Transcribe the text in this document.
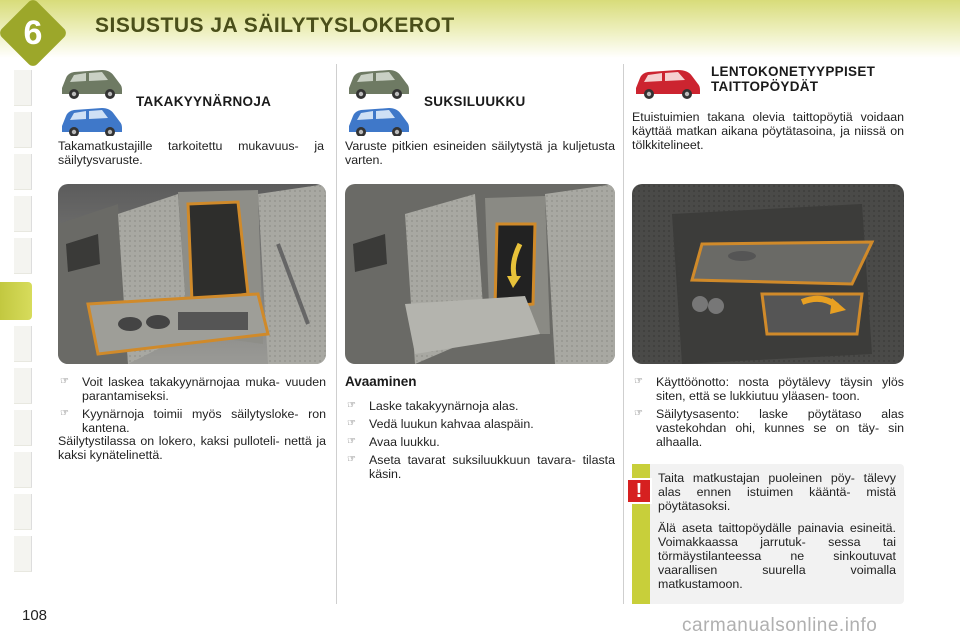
6	SISUSTUS JA SÄILYTYSLOKEROT
TAKAKYYNÄRNOJA
Takamatkustajille tarkoitettu mukavuus- ja säilytysvaruste.
☞ Voit laskea takakyynärnojaa muka- vuuden parantamiseksi.
☞ Kyynärnoja toimii myös säilytysloke- ron kantena.
Säilytystilassa on lokero, kaksi pulloteli- nettä ja kaksi kynätelinettä.
SUKSILUUKKU
Varuste pitkien esineiden säilytystä ja kuljetusta varten.
Avaaminen
☞ Laske takakyynärnoja alas.
☞ Vedä luukun kahvaa alaspäin.
☞ Avaa luukku.
☞ Aseta tavarat suksiluukkuun tavara- tilasta käsin.
LENTOKONETYYPPISET
TAITTOPÖYDÄT
Etuistuimien takana olevia taittopöytiä voidaan käyttää matkan aikana pöytätasoina, ja niissä on tölkkitelineet.
☞ Käyttöönotto: nosta pöytälevy täysin ylös siten, että se lukkiutuu yläasen- toon.
☞ Säilytysasento: laske pöytätaso alas vastekohdan ohi, kunnes se on täy- sin alhaalla.
!
Taita matkustajan puoleinen pöy- tälevy alas ennen istuimen kääntä- mistä pöytätasoksi.
Älä aseta taittopöydälle painavia esineitä. Voimakkaassa jarrutuk- sessa tai törmäystilanteessa ne sinkoutuvat vaarallisen suurella voimalla matkustamoon.
108	carmanualsonline.info
